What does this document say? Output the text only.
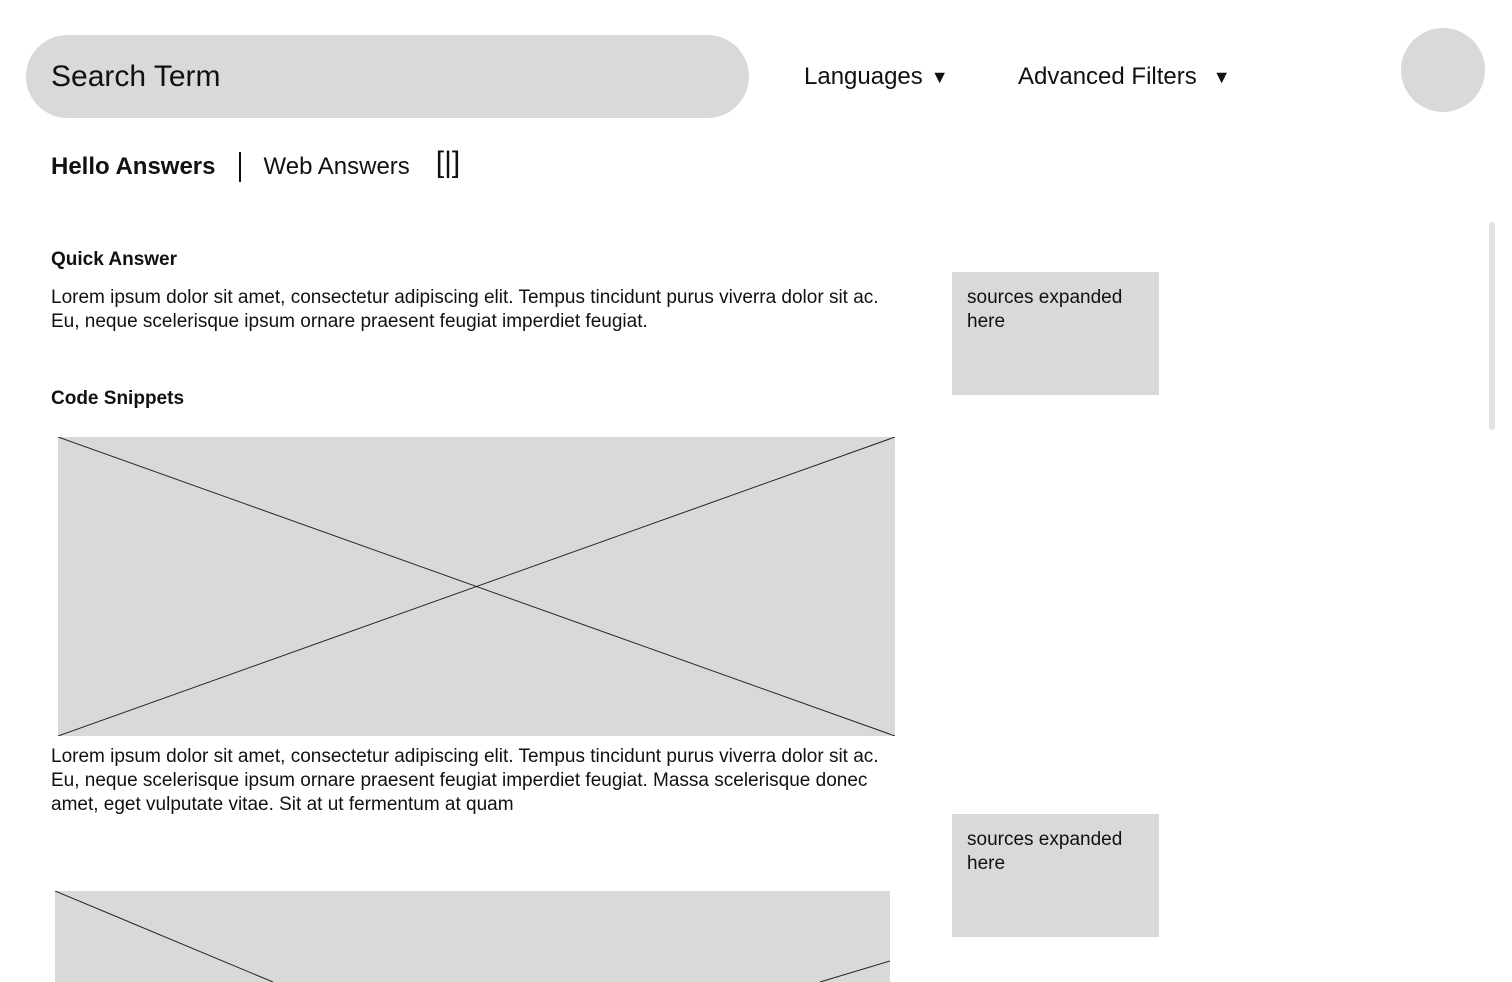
Search Term
Languages ▼	Advanced Filters ▼
Hello Answers Web Answers [|]
Quick Answer

Lorem ipsum dolor sit amet, consectetur adipiscing elit. Tempus tincidunt purus viverra dolor sit ac. Eu, neque scelerisque ipsum ornare praesent feugiat imperdiet feugiat.

sources expanded here
Code Snippets

Lorem ipsum dolor sit amet, consectetur adipiscing elit. Tempus tincidunt purus viverra dolor sit ac. Eu, neque scelerisque ipsum ornare praesent feugiat imperdiet feugiat. Massa scelerisque donec amet, eget vulputate vitae. Sit at ut fermentum at quam

sources expanded here
